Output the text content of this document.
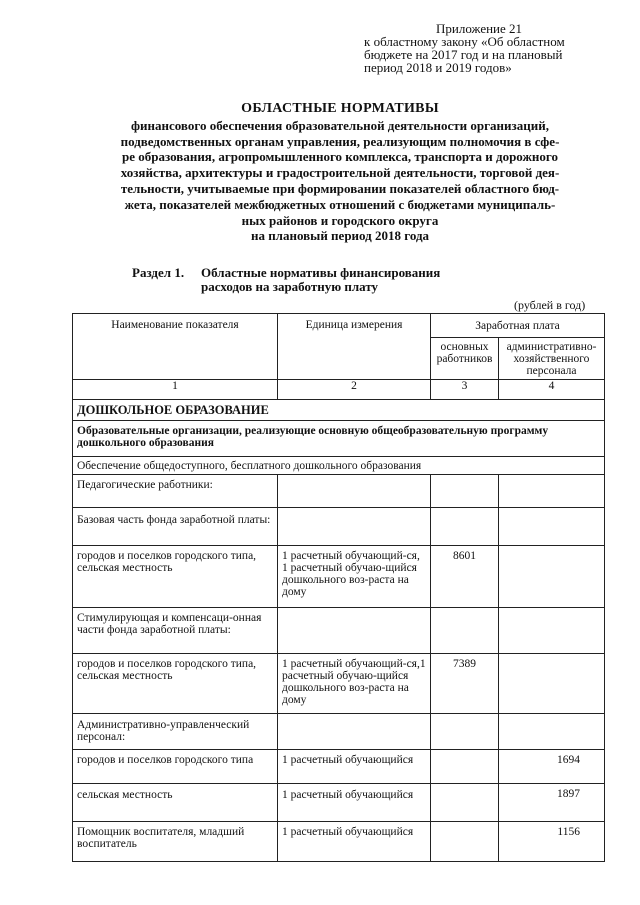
Приложение 21
к областному закону «Об областном
бюджете на 2017 год и на плановый
период 2018 и 2019 годов»
ОБЛАСТНЫЕ НОРМАТИВЫ
финансового обеспечения образовательной деятельности организаций,
подведомственных органам управления, реализующим полномочия в сфе-
ре образования, агропромышленного комплекса, транспорта и дорожного
хозяйства, архитектуры и градостроительной деятельности, торговой дея-
тельности, учитываемые при формировании показателей областного бюд-
жета, показателей межбюджетных отношений с бюджетами муниципаль-
ных районов и городского округа
на плановый период 2018 года
Раздел 1. Областные нормативы финансирования
расходов на заработную плату
(рублей в год)
Наименование показателя	Единица измерения	Заработная плата	
		основных работников	административно-хозяйственного персонала
1	2	3	4
ДОШКОЛЬНОЕ ОБРАЗОВАНИЕ			
Образовательные организации, реализующие основную общеобразовательную программу дошкольного образования			
Обеспечение общедоступного, бесплатного дошкольного образования			
Педагогические работники:			
Базовая часть фонда заработной платы:			
городов и поселков городского типа, сельская местность	1 расчетный обучающий-ся, 1 расчетный обучаю-щийся дошкольного воз-раста на дому	8601	
Стимулирующая и компенсаци-онная части фонда заработной платы:			
городов и поселков городского типа, сельская местность	1 расчетный обучающий-ся,1 расчетный обучаю-щийся дошкольного воз-раста на дому	7389	
Административно-управленческий персонал:			
городов и поселков городского типа	1 расчетный обучающийся		1694
сельская местность	1 расчетный обучающийся		1897
Помощник воспитателя, младший воспитатель	1 расчетный обучающийся		1156
